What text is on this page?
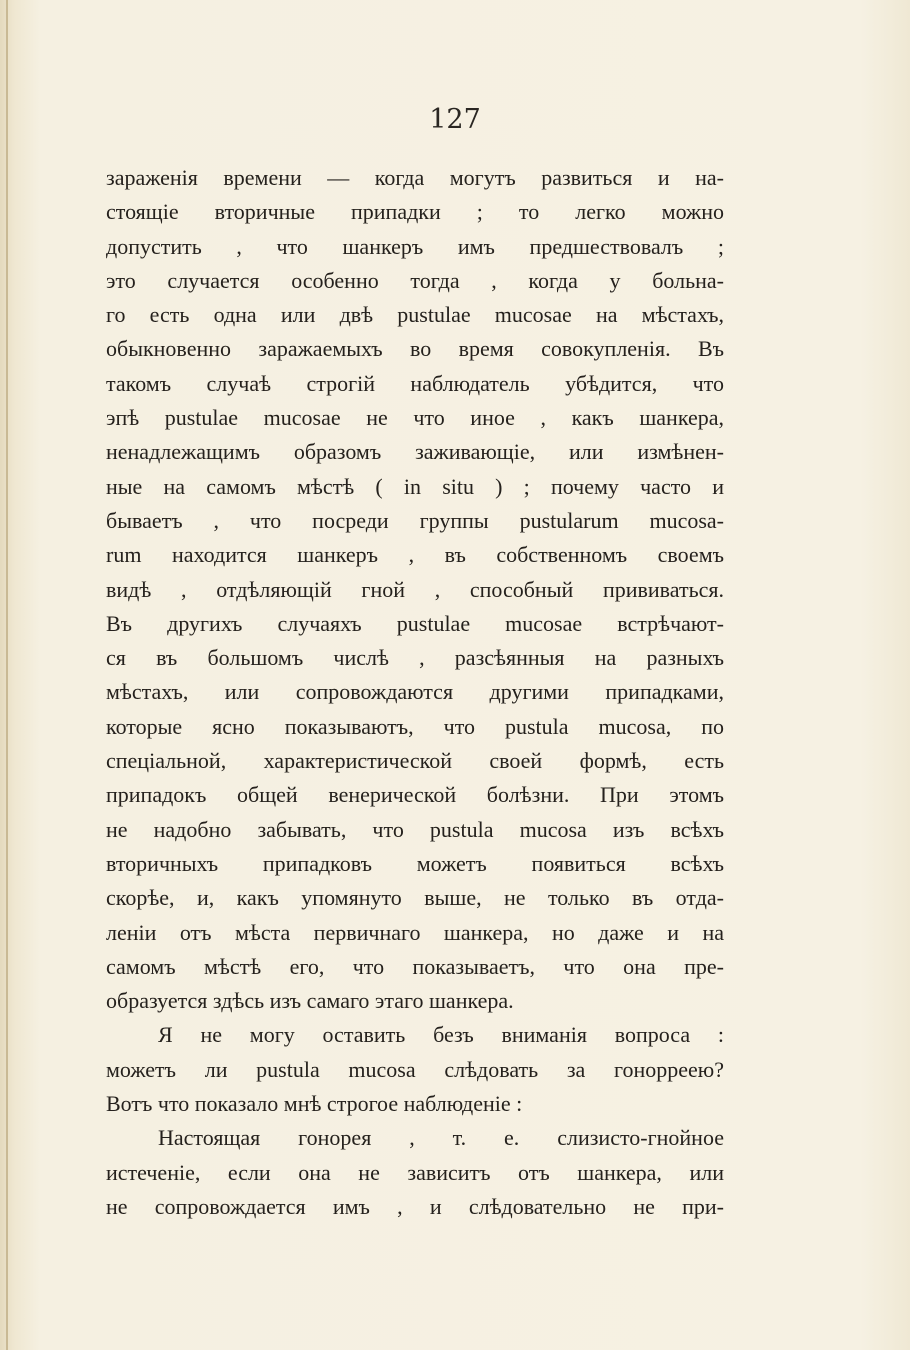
127
зараженія времени — когда могутъ развиться и на-
стоящіе вторичные припадки ; то легко можно
допустить , что шанкеръ имъ предшествовалъ ;
это случается особенно тогда , когда у больна-
го есть одна или двѣ pustulae mucosae на мѣстахъ,
обыкновенно заражаемыхъ во время совокупленія. Въ
такомъ случаѣ строгій наблюдатель убѣдится, что
эпѣ pustulae mucosae не что иное , какъ шанкера,
ненадлежащимъ образомъ заживающіе, или измѣнен-
ные на самомъ мѣстѣ ( in situ ) ; почему часто и
бываетъ , что посреди группы pustularum mucosa-
rum находится шанкеръ , въ собственномъ своемъ
видѣ , отдѣляющій гной , способный прививаться.
Въ другихъ случаяхъ pustulae mucosae встрѣчают-
ся въ большомъ числѣ , разсѣянныя на разныхъ
мѣстахъ, или сопровождаются другими припадками,
которые ясно показываютъ, что pustula mucosa, по
спеціальной, характеристической своей формѣ, есть
припадокъ общей венерической болѣзни. При этомъ
не надобно забывать, что pustula mucosa изъ всѣхъ
вторичныхъ припадковъ можетъ появиться всѣхъ
скорѣе, и, какъ упомянуто выше, не только въ отда-
леніи отъ мѣста первичнаго шанкера, но даже и на
самомъ мѣстѣ его, что показываетъ, что она пре-
образуется здѣсь изъ самаго этаго шанкера.
Я не могу оставить безъ вниманія вопроса :
можетъ ли pustula mucosa слѣдовать за гонорреею?
Вотъ что показало мнѣ строгое наблюденіе :
Настоящая гонорея , т. е. слизисто-гнойное
истеченіе, если она не зависитъ отъ шанкера, или
не сопровождается имъ , и слѣдовательно не при-
